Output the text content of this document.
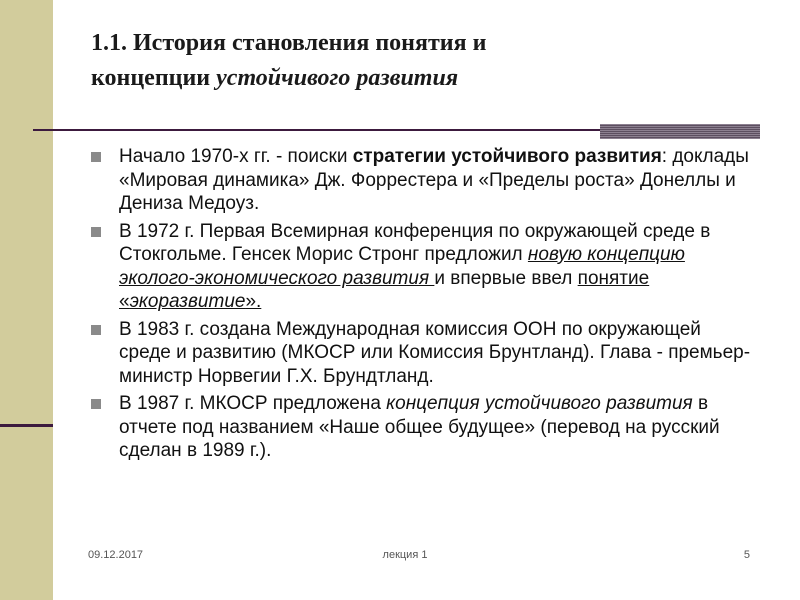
1.1. История становления понятия и
концепции устойчивого развития
Начало 1970-х гг. - поиски стратегии устойчивого развития: доклады «Мировая динамика» Дж. Форрестера и «Пределы роста» Донеллы и Дениза Медоуз.
В 1972 г. Первая Всемирная конференция по окружающей среде в Стокгольме. Генсек Морис Стронг предложил новую концепцию эколого-экономического развития и впервые ввел понятие «экоразвитие».
В 1983 г. создана Международная комиссия ООН по окружающей среде и развитию (МКОСР или Комиссия Брунтланд). Глава - премьер-министр Норвегии Г.Х. Брундтланд.
В 1987 г. МКОСР предложена концепция устойчивого развития в отчете под названием «Наше общее будущее» (перевод на русский сделан в 1989 г.).
09.12.2017	лекция 1	5
